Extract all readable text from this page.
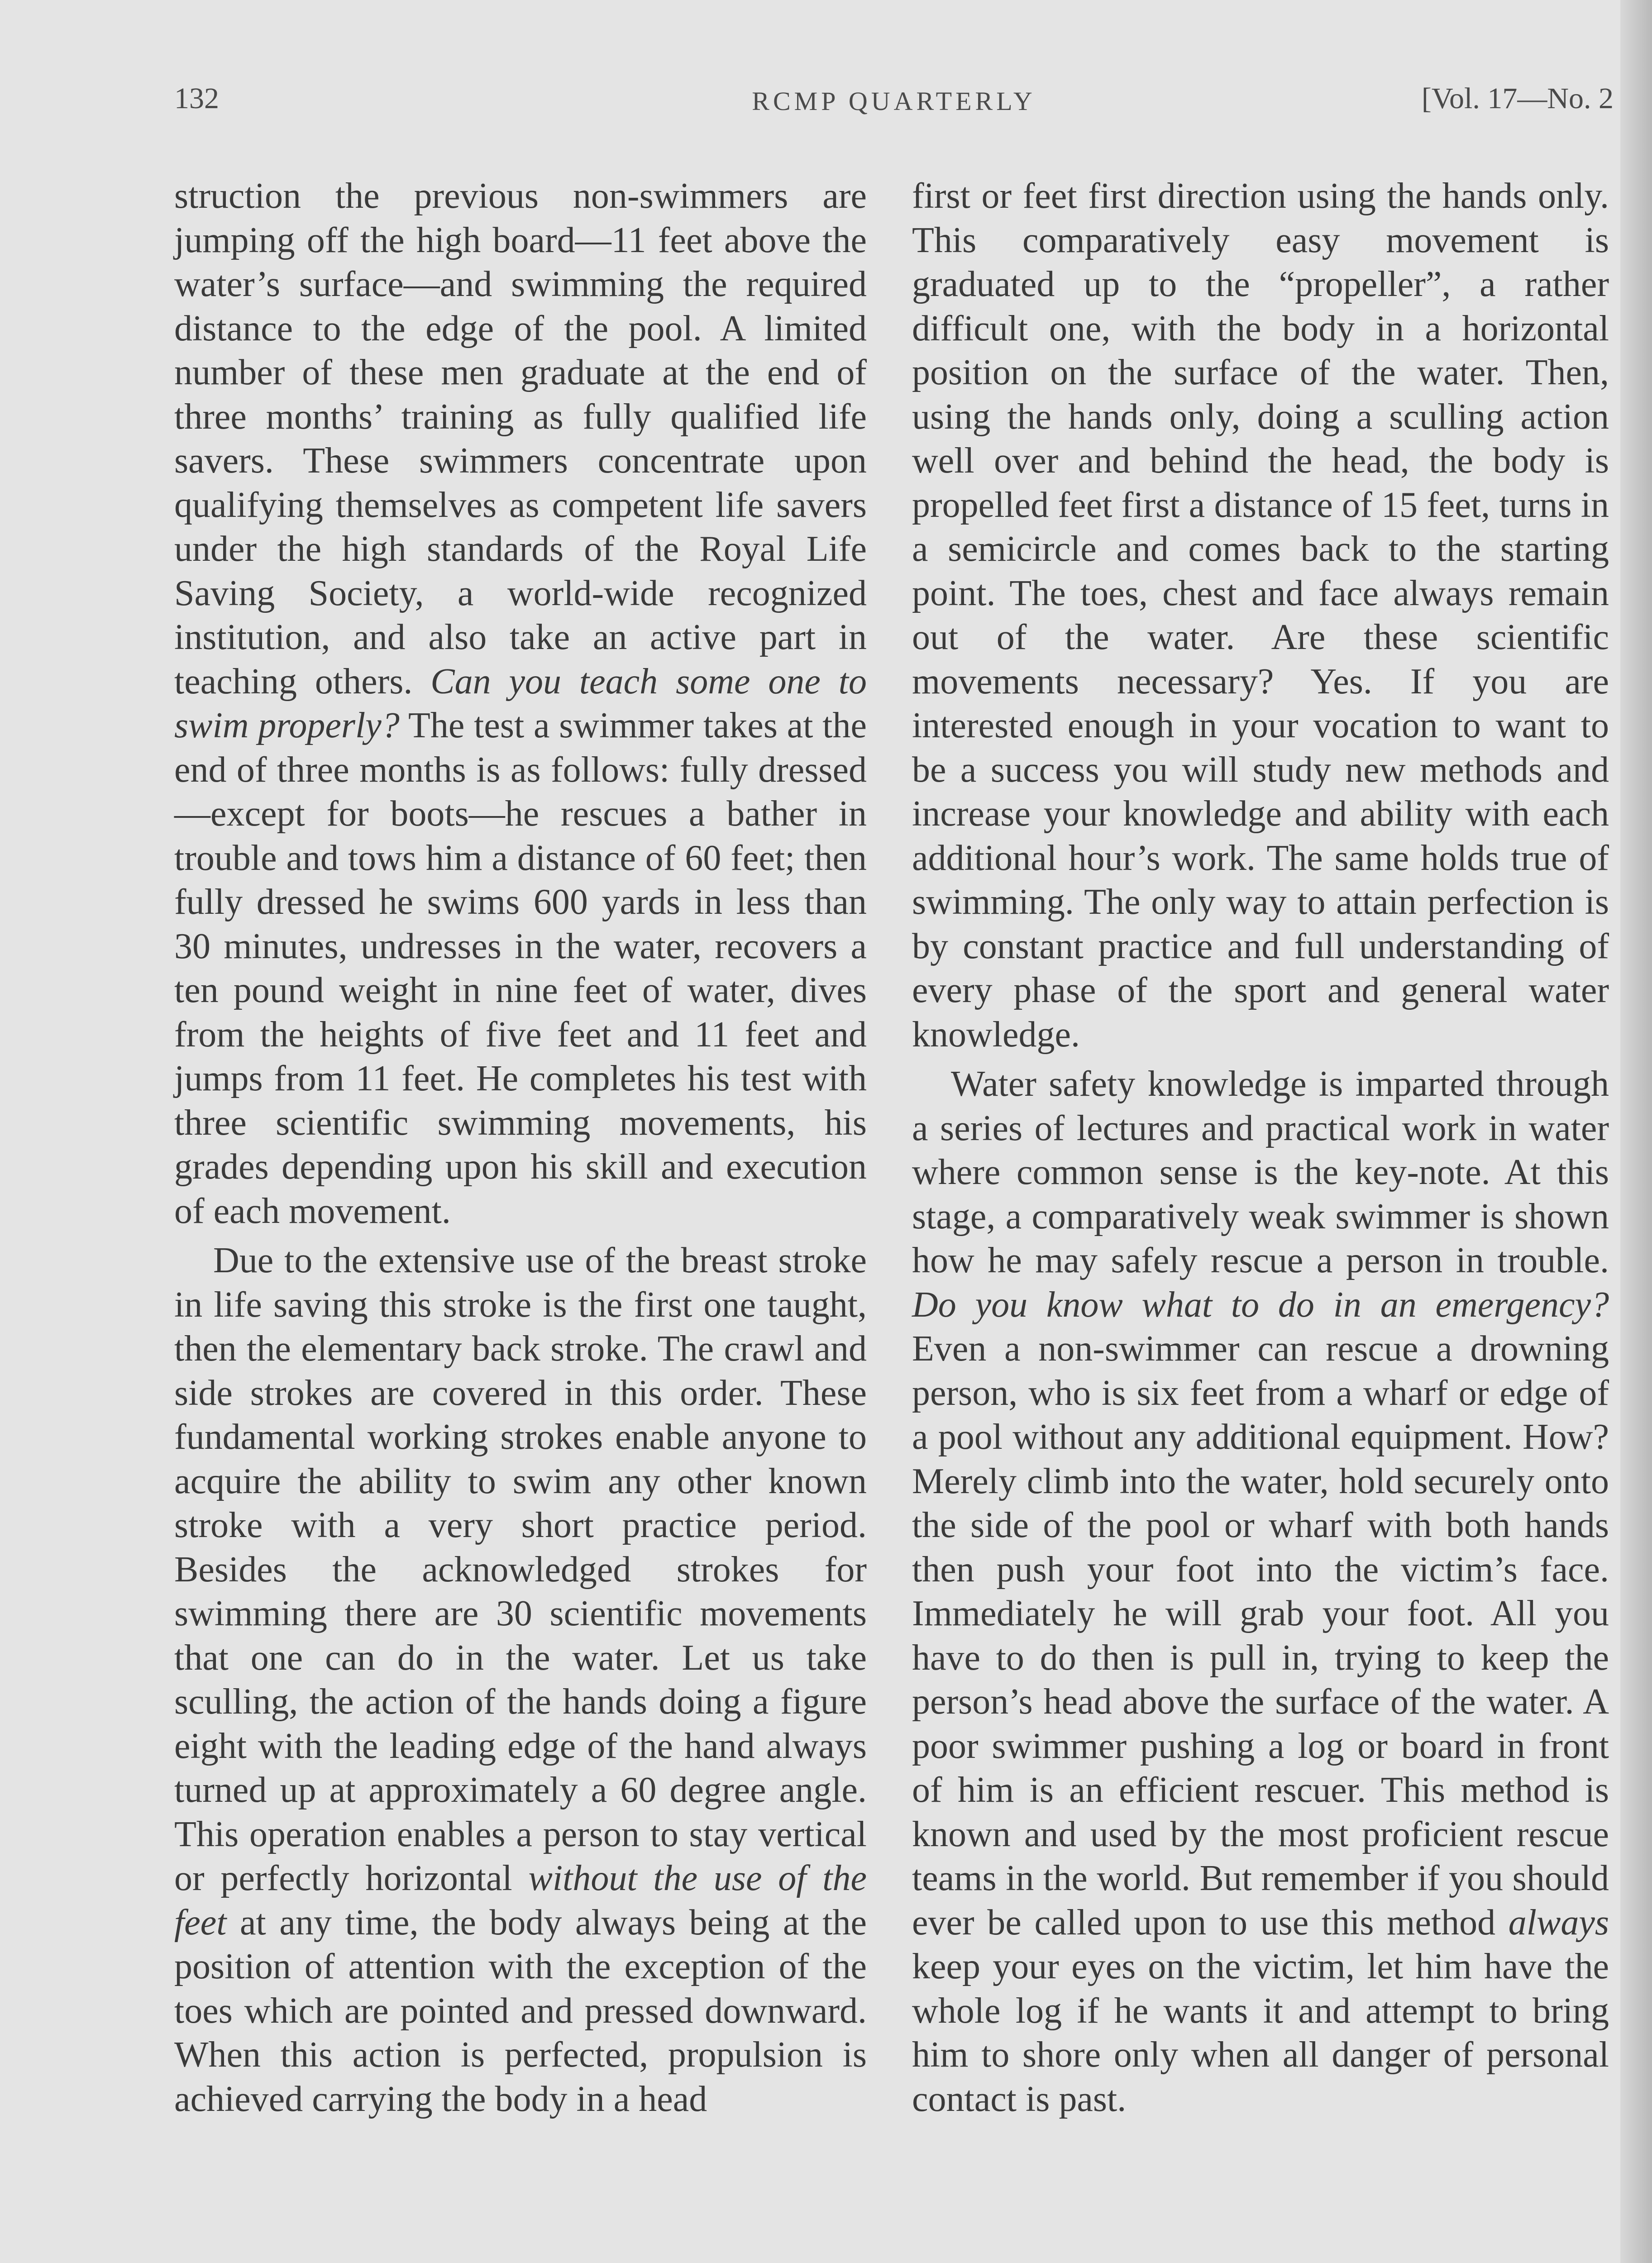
132	RCMP QUARTERLY	[Vol. 17—No. 2

struction the previous non-swimmers are jumping off the high board—11 feet above the water’s surface—and swimming the required distance to the edge of the pool. A limited number of these men graduate at the end of three months’ training as fully qualified life savers. These swimmers concentrate upon qualifying themselves as competent life savers under the high standards of the Royal Life Saving Society, a world-wide recognized institution, and also take an active part in teaching others. Can you teach some one to swim properly? The test a swimmer takes at the end of three months is as follows: fully dressed—except for boots—he rescues a bather in trouble and tows him a distance of 60 feet; then fully dressed he swims 600 yards in less than 30 minutes, undresses in the water, recovers a ten pound weight in nine feet of water, dives from the heights of five feet and 11 feet and jumps from 11 feet. He completes his test with three scientific swimming movements, his grades depending upon his skill and execution of each movement.

Due to the extensive use of the breast stroke in life saving this stroke is the first one taught, then the elementary back stroke. The crawl and side strokes are covered in this order. These fundamental working strokes enable anyone to acquire the ability to swim any other known stroke with a very short practice period. Besides the acknowledged strokes for swimming there are 30 scientific movements that one can do in the water. Let us take sculling, the action of the hands doing a figure eight with the leading edge of the hand always turned up at approximately a 60 degree angle. This operation enables a person to stay vertical or perfectly horizontal without the use of the feet at any time, the body always being at the position of attention with the exception of the toes which are pointed and pressed downward. When this action is perfected, propulsion is achieved carrying the body in a head

first or feet first direction using the hands only. This comparatively easy movement is graduated up to the “propeller”, a rather difficult one, with the body in a horizontal position on the surface of the water. Then, using the hands only, doing a sculling action well over and behind the head, the body is propelled feet first a distance of 15 feet, turns in a semicircle and comes back to the starting point. The toes, chest and face always remain out of the water. Are these scientific movements necessary? Yes. If you are interested enough in your vocation to want to be a success you will study new methods and increase your knowledge and ability with each additional hour’s work. The same holds true of swimming. The only way to attain perfection is by constant practice and full understanding of every phase of the sport and general water knowledge.

Water safety knowledge is imparted through a series of lectures and practical work in water where common sense is the key-note. At this stage, a comparatively weak swimmer is shown how he may safely rescue a person in trouble. Do you know what to do in an emergency? Even a non-swimmer can rescue a drowning person, who is six feet from a wharf or edge of a pool without any additional equipment. How? Merely climb into the water, hold securely onto the side of the pool or wharf with both hands then push your foot into the victim’s face. Immediately he will grab your foot. All you have to do then is pull in, trying to keep the person’s head above the surface of the water. A poor swimmer pushing a log or board in front of him is an efficient rescuer. This method is known and used by the most proficient rescue teams in the world. But remember if you should ever be called upon to use this method always keep your eyes on the victim, let him have the whole log if he wants it and attempt to bring him to shore only when all danger of personal contact is past.
